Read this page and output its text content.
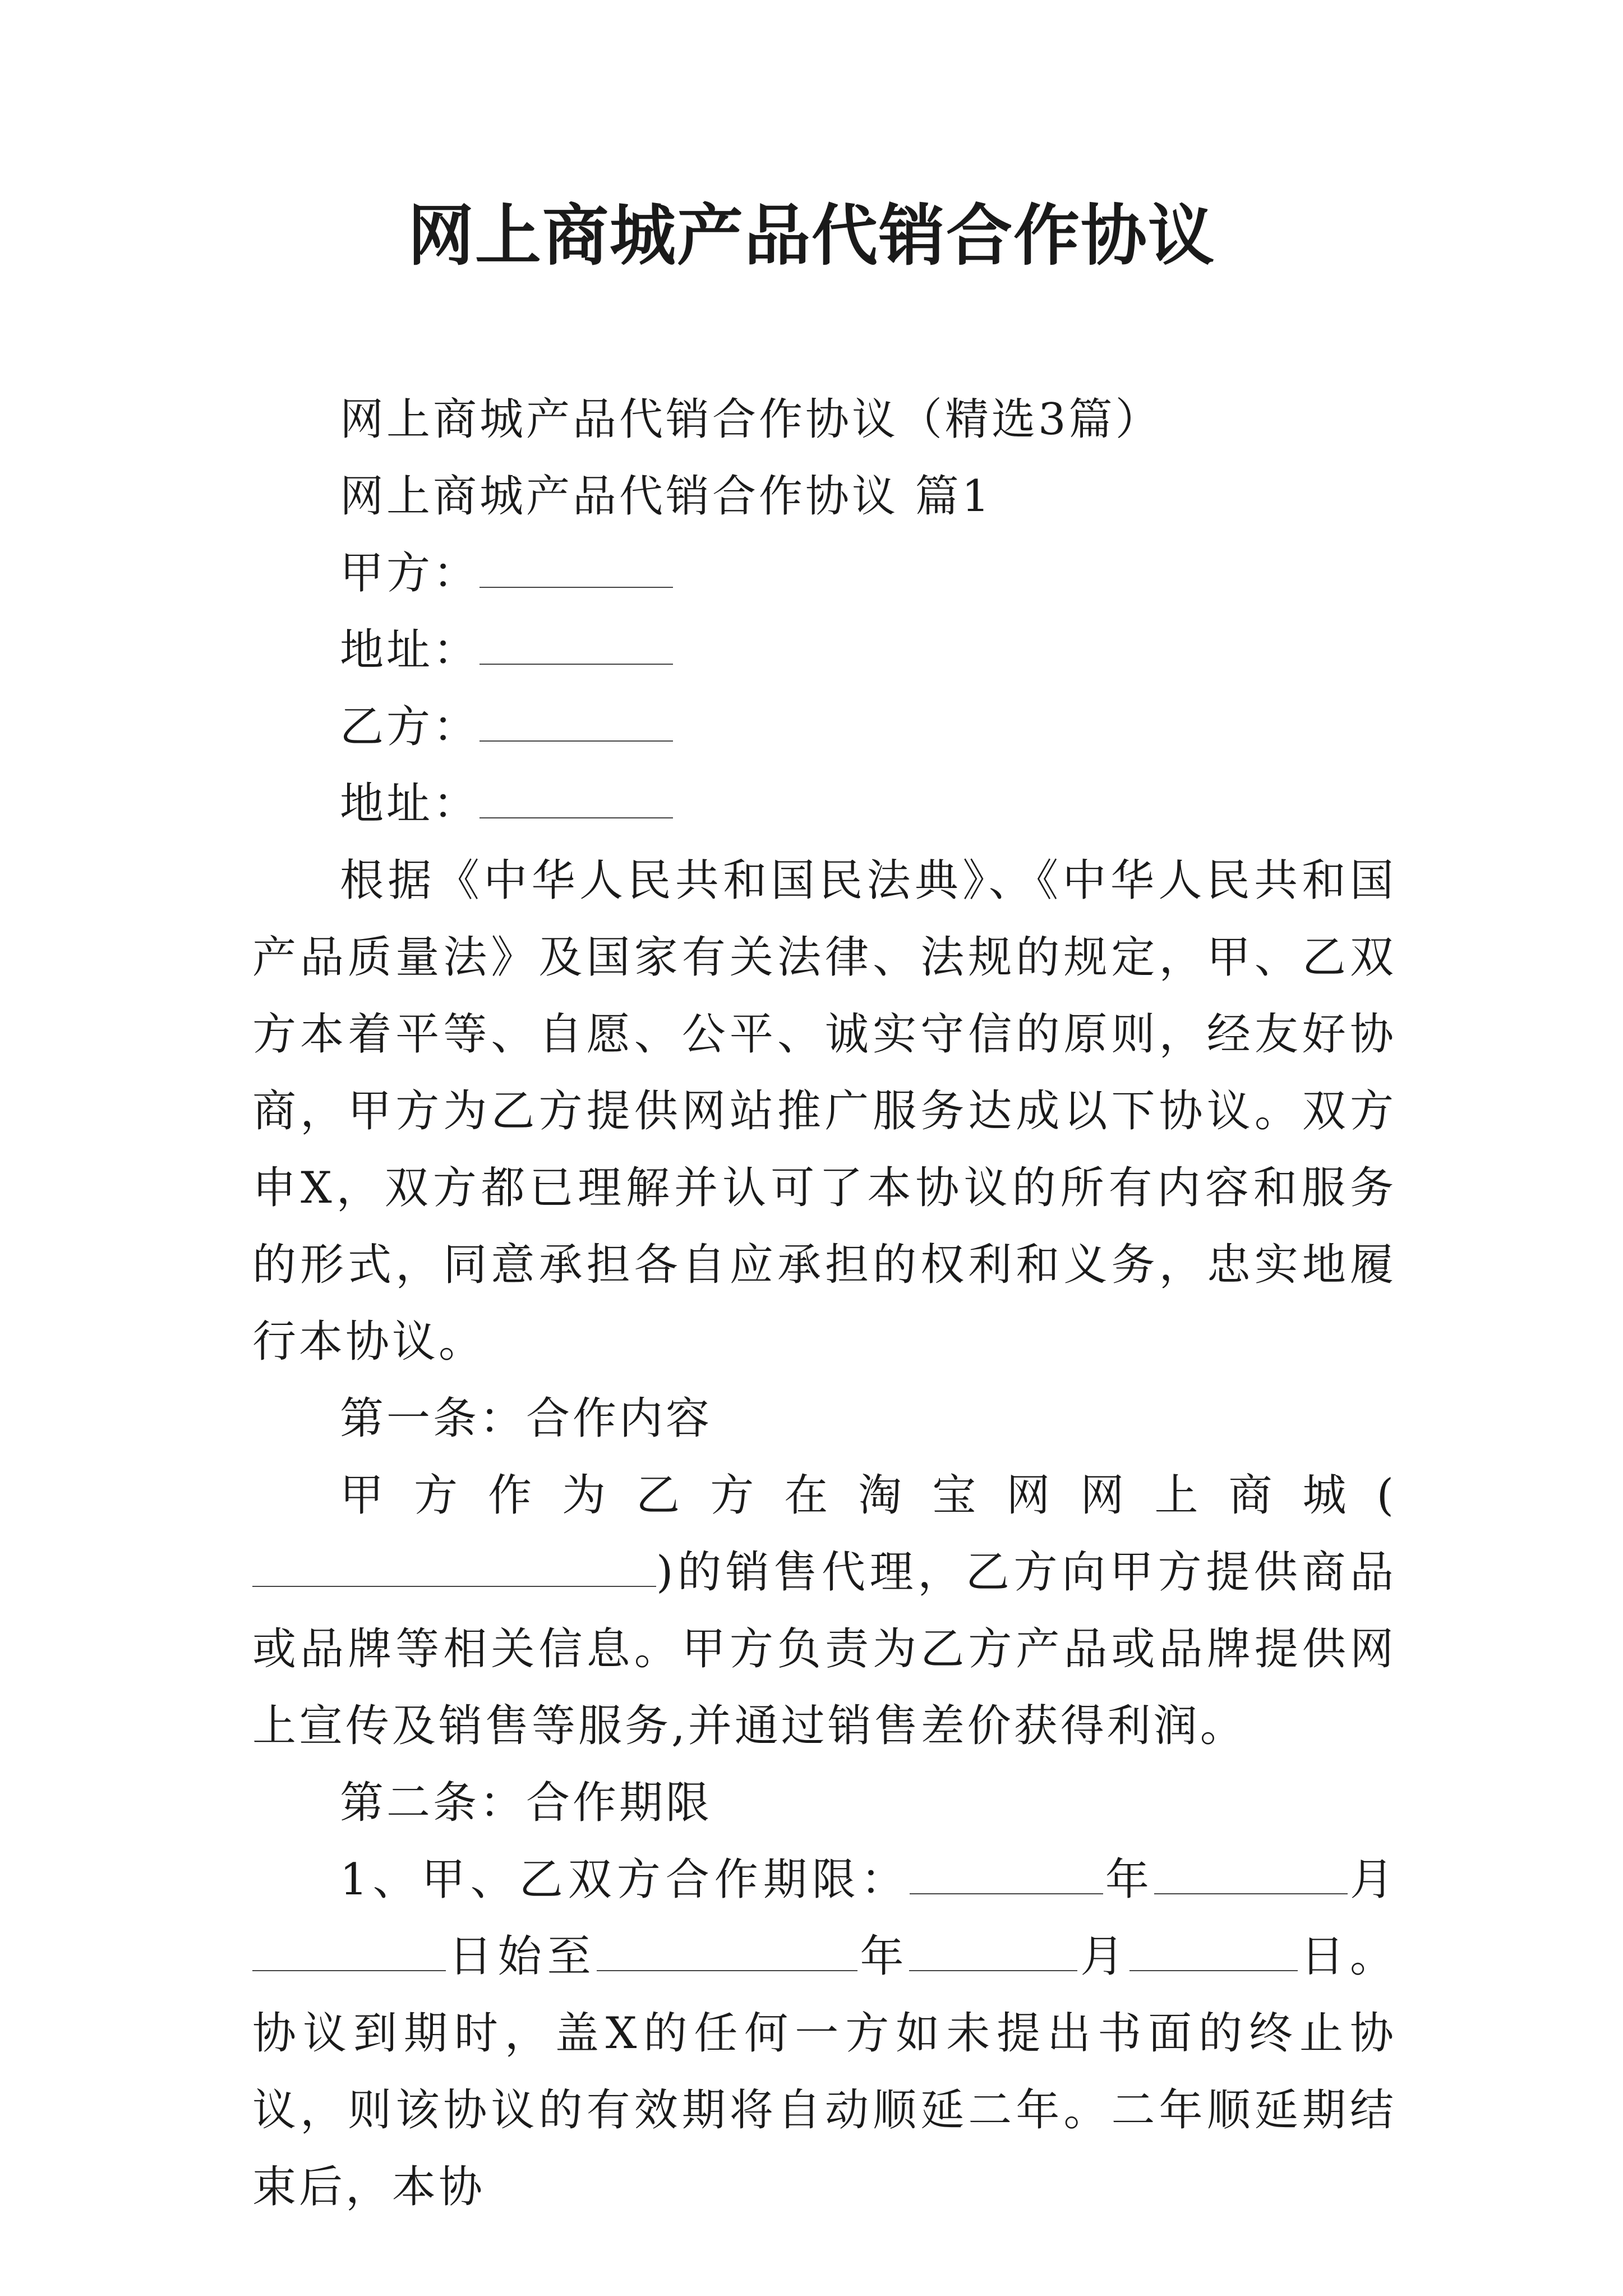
网上商城产品代销合作协议

网上商城产品代销合作协议（精选3篇）

网上商城产品代销合作协议 篇1

甲方：

地址：

乙方：

地址：

根据《中华人民共和国民法典》、《中华人民共和国产品质量法》及国家有关法律、法规的规定，甲、乙双方本着平等、自愿、公平、诚实守信的原则，经友好协商，甲方为乙方提供网站推广服务达成以下协议。双方申X，双方都已理解并认可了本协议的所有内容和服务的形式，同意承担各自应承担的权利和义务，忠实地履行本协议。

第一条：合作内容

甲方作为乙方在淘宝网网上商城()的销售代理，乙方向甲方提供商品或品牌等相关信息。甲方负责为乙方产品或品牌提供网上宣传及销售等服务,并通过销售差价获得利润。

第二条：合作期限

1、甲、乙双方合作期限：	年	月日始至	年	月	日。协议到期时，盖X的任何一方如未提出书面的终止协议，则该协议的有效期将自动顺延二年。二年顺延期结束后，本协
